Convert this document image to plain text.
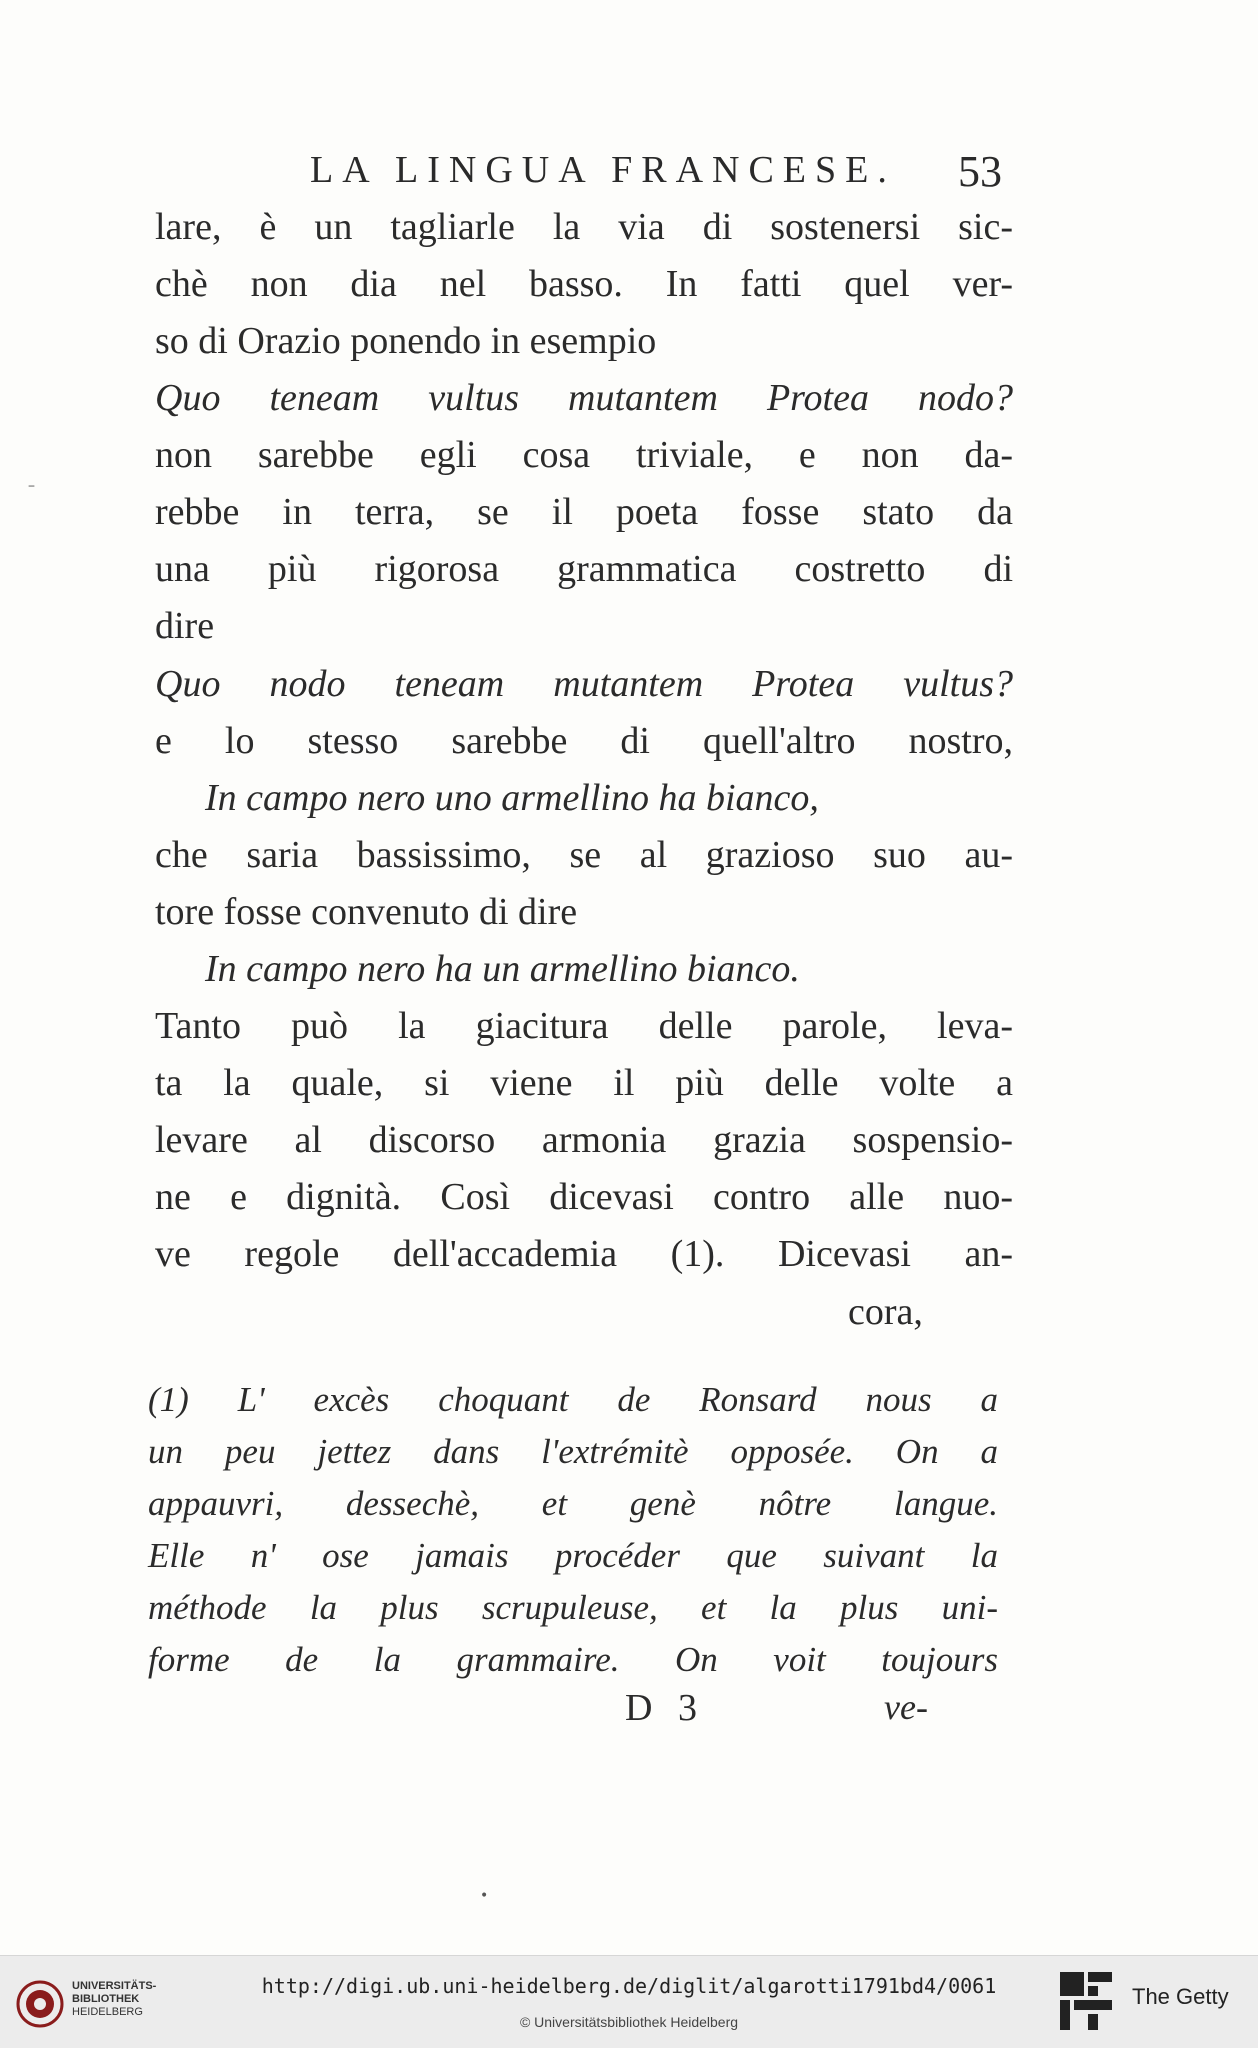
LA LINGUA FRANCESE.	53
lare, è un tagliarle la via di sostenersi sic-
chè non dia nel basso. In fatti quel ver-
so di Orazio ponendo in esempio
Quo teneam vultus mutantem Protea nodo?
non sarebbe egli cosa triviale, e non da-
rebbe in terra, se il poeta fosse stato da
una più rigorosa grammatica costretto di
dire
Quo nodo teneam mutantem Protea vultus?
e lo stesso sarebbe di quell'altro nostro,
In campo nero uno armellino ha bianco,
che saria bassissimo, se al grazioso suo au-
tore fosse convenuto di dire
In campo nero ha un armellino bianco.
Tanto può la giacitura delle parole, leva-
ta la quale, si viene il più delle volte a
levare al discorso armonia grazia sospensio-
ne e dignità. Così dicevasi contro alle nuo-
ve regole dell'accademia (1). Dicevasi an-
cora,
(1) L' excès choquant de Ronsard nous a
un peu jettez dans l'extrémitè opposée. On a
appauvri, dessechè, et genè nôtre langue.
Elle n' ose jamais procéder que suivant la
méthode la plus scrupuleuse, et la plus uni-
forme de la grammaire. On voit toujours
D 3	ve-
–
•
UNIVERSITÄTS-
BIBLIOTHEK
HEIDELBERG
http://digi.ub.uni-heidelberg.de/diglit/algarotti1791bd4/0061
© Universitätsbibliothek Heidelberg
The Getty
